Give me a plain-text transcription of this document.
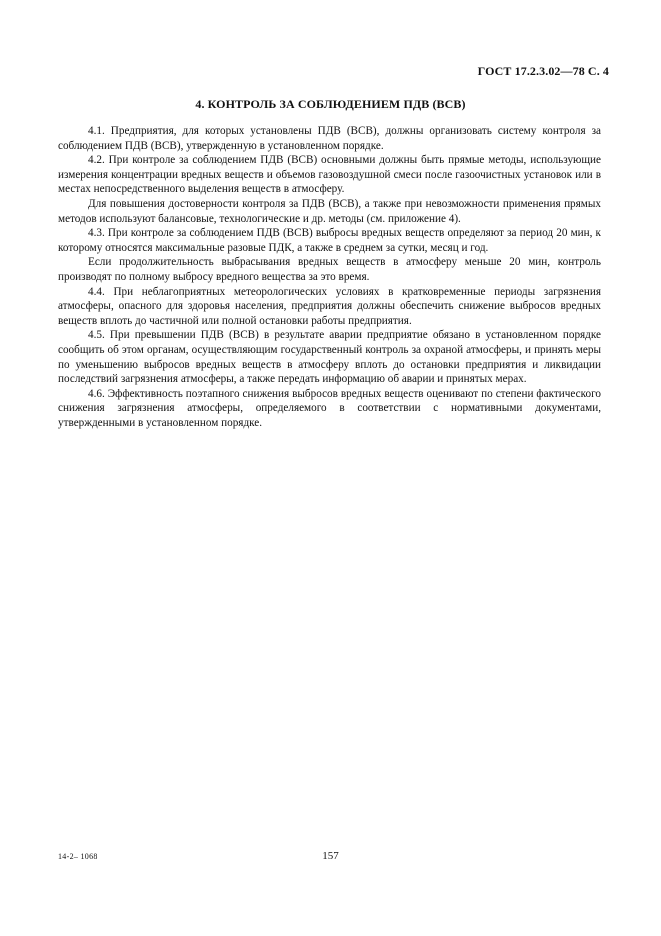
ГОСТ 17.2.3.02—78 С. 4
4. КОНТРОЛЬ ЗА СОБЛЮДЕНИЕМ ПДВ (ВСВ)

4.1. Предприятия, для которых установлены ПДВ (ВСВ), должны организовать систему контроля за соблюдением ПДВ (ВСВ), утвержденную в установленном порядке.

4.2. При контроле за соблюдением ПДВ (ВСВ) основными должны быть прямые методы, использующие измерения концентрации вредных веществ и объемов газовоздушной смеси после газоочистных установок или в местах непосредственного выделения веществ в атмосферу.

Для повышения достоверности контроля за ПДВ (ВСВ), а также при невозможности применения прямых методов используют балансовые, технологические и др. методы (см. приложение 4).

4.3. При контроле за соблюдением ПДВ (ВСВ) выбросы вредных веществ определяют за период 20 мин, к которому относятся максимальные разовые ПДК, а также в среднем за сутки, месяц и год.

Если продолжительность выбрасывания вредных веществ в атмосферу меньше 20 мин, контроль производят по полному выбросу вредного вещества за это время.

4.4. При неблагоприятных метеорологических условиях в кратковременные периоды загрязнения атмосферы, опасного для здоровья населения, предприятия должны обеспечить снижение выбросов вредных веществ вплоть до частичной или полной остановки работы предприятия.

4.5. При превышении ПДВ (ВСВ) в результате аварии предприятие обязано в установленном порядке сообщить об этом органам, осуществляющим государственный контроль за охраной атмосферы, и принять меры по уменьшению выбросов вредных веществ в атмосферу вплоть до остановки предприятия и ликвидации последствий загрязнения атмосферы, а также передать информацию об аварии и принятых мерах.

4.6. Эффективность поэтапного снижения выбросов вредных веществ оценивают по степени фактического снижения загрязнения атмосферы, определяемого в соответствии с нормативными документами, утвержденными в установленном порядке.

14-2– 1068	157
